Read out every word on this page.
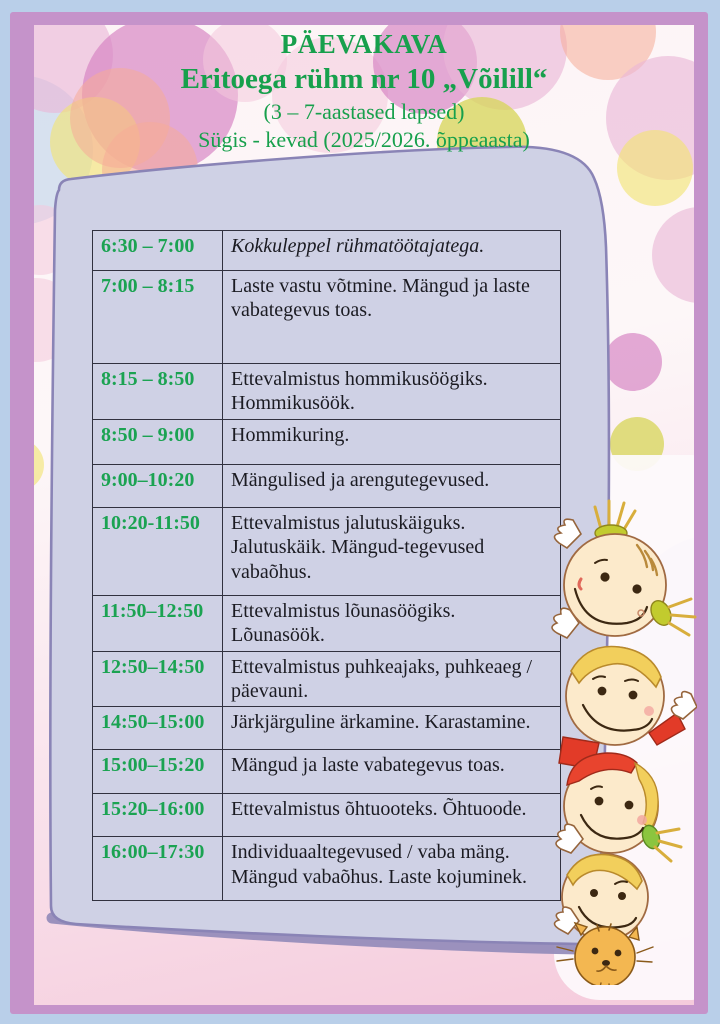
PÄEVAKAVA
Eritoega rühm nr 10 „Võilill“
(3 – 7-aastased lapsed)
Sügis - kevad (2025/2026. õppeaasta)
6:30 – 7:00	Kokkuleppel rühmatöötajatega.
7:00 – 8:15	Laste vastu võtmine. Mängud ja laste vabategevus toas.
8:15 – 8:50	Ettevalmistus hommikusöögiks. Hommikusöök.
8:50 – 9:00	Hommikuring.
9:00–10:20	Mängulised ja arengutegevused.
10:20-11:50	Ettevalmistus jalutuskäiguks. Jalutuskäik. Mängud-tegevused vabaõhus.
11:50–12:50	Ettevalmistus lõunasöögiks. Lõunasöök.
12:50–14:50	Ettevalmistus puhkeajaks, puhkeaeg / päevauni.
14:50–15:00	Järkjärguline ärkamine. Karastamine.
15:00–15:20	Mängud ja laste vabategevus toas.
15:20–16:00	Ettevalmistus õhtuooteks. Õhtuoode.
16:00–17:30	Individuaaltegevused / vaba mäng. Mängud vabaõhus. Laste kojuminek.
